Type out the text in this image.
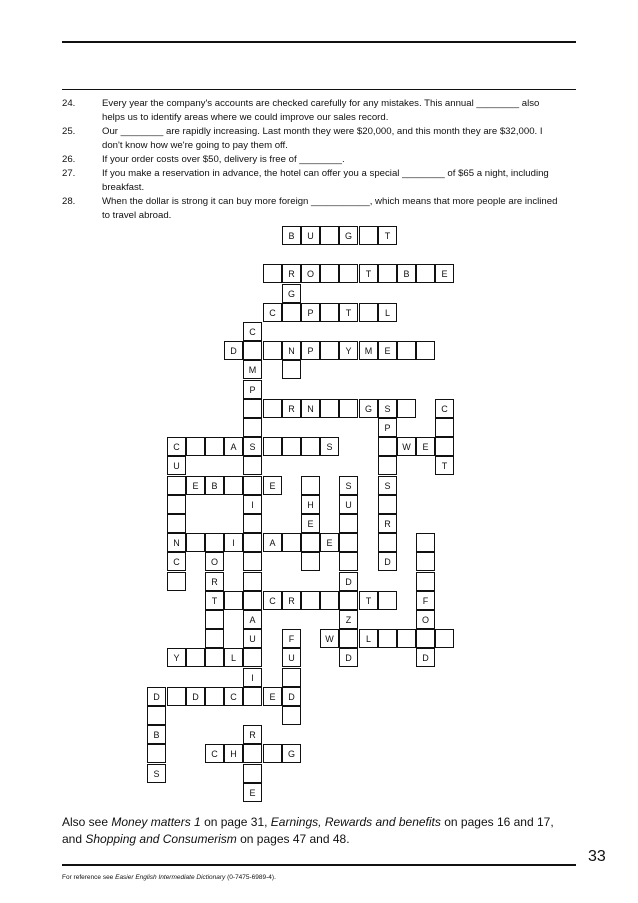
24.	Every year the company's accounts are checked carefully for any mistakes. This annual ________ also helps us to identify areas where we could improve our sales record.
25.	Our ________ are rapidly increasing. Last month they were $20,000, and this month they are $32,000. I don't know how we're going to pay them off.
26.	If your order costs over $50, delivery is free of ________.
27.	If you make a reservation in advance, the hotel can offer you a special ________ of $65 a night, including breakfast.
28.	When the dollar is strong it can buy more foreign ___________, which means that more people are inclined to travel abroad.
B	U	G	T
R	O	T	B	E
G
C	P	T	L
C
D	N	P	Y	M	E
M
P
R	N	G	S	C
P
C	A	S	S	W	E
U	T
E	B	E	S	S
I	H	U
E	R
N	I	A	E
C	O	D
R	D
T	C	R	T	F
A	Z	O
U	F	W	L
Y	L	U	D	D
I
D	D	C	E	D
B	R
C	H	G
S
E
Also see Money matters 1 on page 31, Earnings, Rewards and benefits on pages 16 and 17, and Shopping and Consumerism on pages 47 and 48.
33
For reference see Easier English Intermediate Dictionary (0-7475-6989-4).
